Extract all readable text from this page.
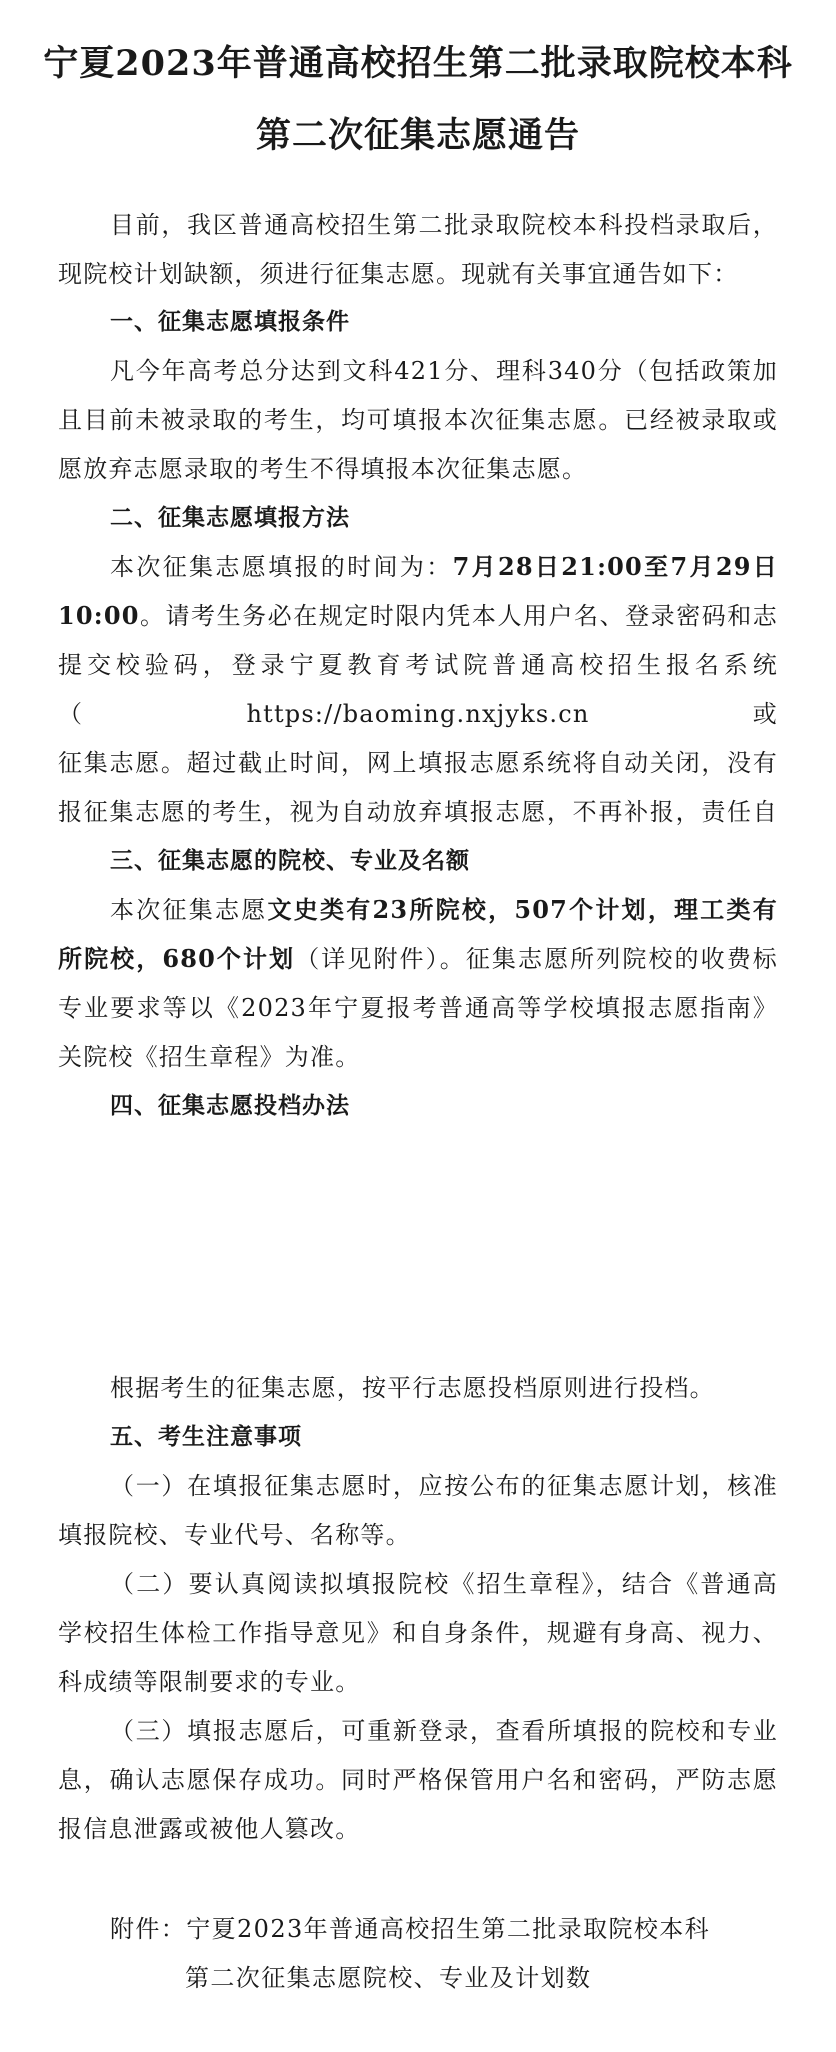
宁夏2023年普通高校招生第二批录取院校本科
第二次征集志愿通告
目前，我区普通高校招生第二批录取院校本科投档录取后，
现院校计划缺额，须进行征集志愿。现就有关事宜通告如下：
一、征集志愿填报条件
凡今年高考总分达到文科421分、理科340分（包括政策加
且目前未被录取的考生，均可填报本次征集志愿。已经被录取或
愿放弃志愿录取的考生不得填报本次征集志愿。
二、征集志愿填报方法
本次征集志愿填报的时间为：7月28日21:00至7月29日
10:00。请考生务必在规定时限内凭本人用户名、登录密码和志
提交校验码，登录宁夏教育考试院普通高校招生报名系统
（https://baoming.nxjyks.cn或
征集志愿。超过截止时间，网上填报志愿系统将自动关闭，没有
报征集志愿的考生，视为自动放弃填报志愿，不再补报，责任自
三、征集志愿的院校、专业及名额
本次征集志愿文史类有23所院校，507个计划，理工类有
所院校，680个计划（详见附件）。征集志愿所列院校的收费标
专业要求等以《2023年宁夏报考普通高等学校填报志愿指南》
关院校《招生章程》为准。
四、征集志愿投档办法
根据考生的征集志愿，按平行志愿投档原则进行投档。
五、考生注意事项
（一）在填报征集志愿时，应按公布的征集志愿计划，核准
填报院校、专业代号、名称等。
（二）要认真阅读拟填报院校《招生章程》，结合《普通高
学校招生体检工作指导意见》和自身条件，规避有身高、视力、
科成绩等限制要求的专业。
（三）填报志愿后，可重新登录，查看所填报的院校和专业
息，确认志愿保存成功。同时严格保管用户名和密码，严防志愿
报信息泄露或被他人篡改。
附件：宁夏2023年普通高校招生第二批录取院校本科
第二次征集志愿院校、专业及计划数
